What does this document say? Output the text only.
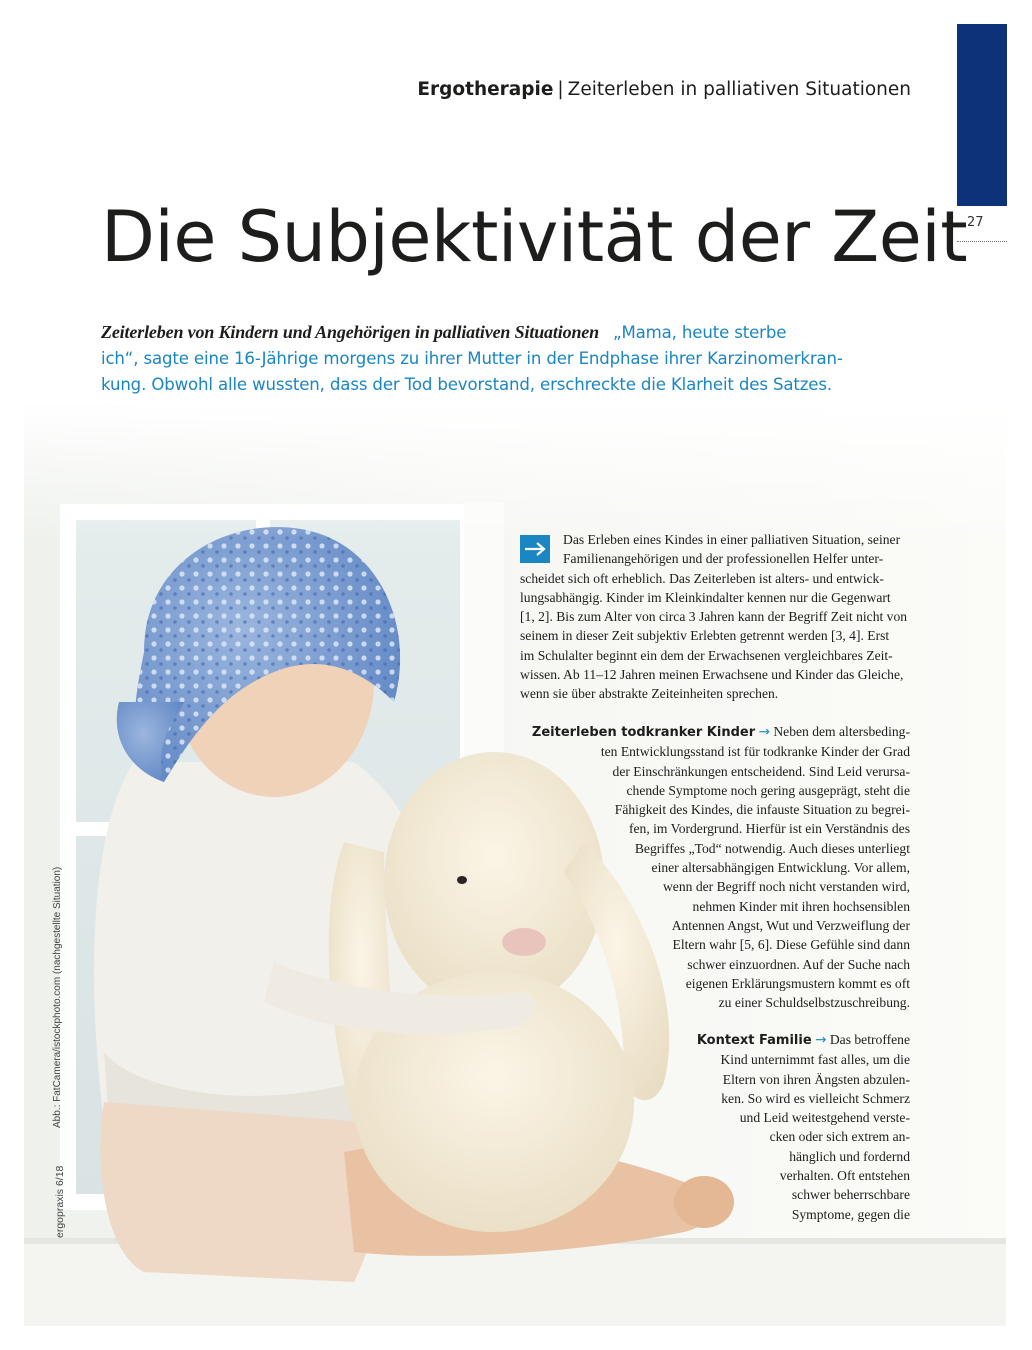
Ergotherapie | Zeiterleben in palliativen Situationen
27
Die Subjektivität der Zeit
Zeiterleben von Kindern und Angehörigen in palliativen Situationen „Mama, heute sterbe
ich“, sagte eine 16-Jährige morgens zu ihrer Mutter in der Endphase ihrer Karzinomerkran-
kung. Obwohl alle wussten, dass der Tod bevorstand, erschreckte die Klarheit des Satzes.
Abb.: FatCamera/istockphoto.com (nachgestellte Situation)
ergopraxis 6/18
Das Erleben eines Kindes in einer palliativen Situation, seiner
Familienangehörigen und der professionellen Helfer unter-
scheidet sich oft erheblich. Das Zeiterleben ist alters- und entwick-
lungsabhängig. Kinder im Kleinkindalter kennen nur die Gegenwart
[1, 2]. Bis zum Alter von circa 3 Jahren kann der Begriff Zeit nicht von
seinem in dieser Zeit subjektiv Erlebten getrennt werden [3, 4]. Erst
im Schulalter beginnt ein dem der Erwachsenen vergleichbares Zeit-
wissen. Ab 11–12 Jahren meinen Erwachsene und Kinder das Gleiche,
wenn sie über abstrakte Zeiteinheiten sprechen.
Zeiterleben todkranker Kinder → Neben dem altersbeding-
ten Entwicklungsstand ist für todkranke Kinder der Grad
der Einschränkungen entscheidend. Sind Leid verursa-
chende Symptome noch gering ausgeprägt, steht die
Fähigkeit des Kindes, die infauste Situation zu begrei-
fen, im Vordergrund. Hierfür ist ein Verständnis des
Begriffes „Tod“ notwendig. Auch dieses unterliegt
einer altersabhängigen Entwicklung. Vor allem,
wenn der Begriff noch nicht verstanden wird,
nehmen Kinder mit ihren hochsensiblen
Antennen Angst, Wut und Verzweiflung der
Eltern wahr [5, 6]. Diese Gefühle sind dann
schwer einzuordnen. Auf der Suche nach
eigenen Erklärungsmustern kommt es oft
zu einer Schuldselbstzuschreibung.
Kontext Familie → Das betroffene
Kind unternimmt fast alles, um die
Eltern von ihren Ängsten abzulen-
ken. So wird es vielleicht Schmerz
und Leid weitestgehend verste-
cken oder sich extrem an-
hänglich und fordernd
verhalten. Oft entstehen
schwer beherrschbare
Symptome, gegen die
